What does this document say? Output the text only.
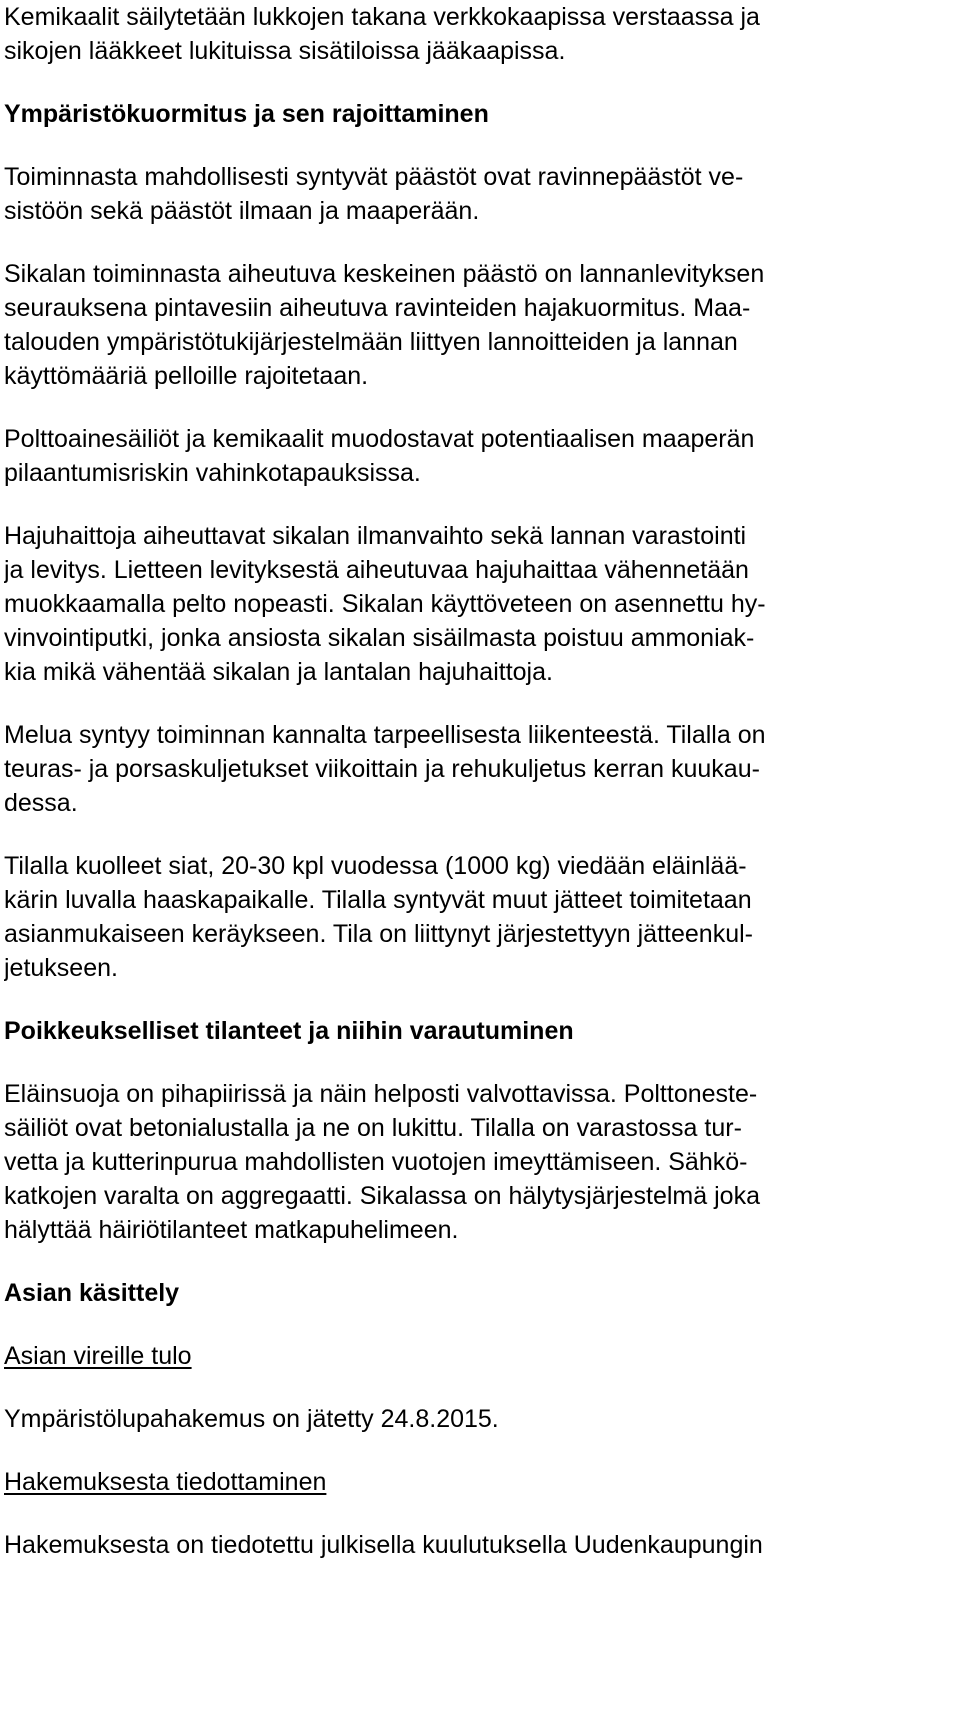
Kemikaalit säilytetään lukkojen takana verkkokaapissa verstaassa ja
sikojen lääkkeet lukituissa sisätiloissa jääkaapissa.
Ympäristökuormitus ja sen rajoittaminen
Toiminnasta mahdollisesti syntyvät päästöt ovat ravinnepäästöt ve-
sistöön sekä päästöt ilmaan ja maaperään.
Sikalan toiminnasta aiheutuva keskeinen päästö on lannanlevityksen
seurauksena pintavesiin aiheutuva ravinteiden hajakuormitus. Maa-
talouden ympäristötukijärjestelmään liittyen lannoitteiden ja lannan
käyttömääriä pelloille rajoitetaan.
Polttoainesäiliöt ja kemikaalit muodostavat potentiaalisen maaperän
pilaantumisriskin vahinkotapauksissa.
Hajuhaittoja aiheuttavat sikalan ilmanvaihto sekä lannan varastointi
ja levitys. Lietteen levityksestä aiheutuvaa hajuhaittaa vähennetään
muokkaamalla pelto nopeasti. Sikalan käyttöveteen on asennettu hy-
vinvointiputki, jonka ansiosta sikalan sisäilmasta poistuu ammoniak-
kia mikä vähentää sikalan ja lantalan hajuhaittoja.
Melua syntyy toiminnan kannalta tarpeellisesta liikenteestä. Tilalla on
teuras- ja porsaskuljetukset viikoittain ja rehukuljetus kerran kuukau-
dessa.
Tilalla kuolleet siat, 20-30 kpl vuodessa (1000 kg) viedään eläinlää-
kärin luvalla haaskapaikalle. Tilalla syntyvät muut jätteet toimitetaan
asianmukaiseen keräykseen. Tila on liittynyt järjestettyyn jätteenkul-
jetukseen.
Poikkeukselliset tilanteet ja niihin varautuminen
Eläinsuoja on pihapiirissä ja näin helposti valvottavissa. Polttoneste-
säiliöt ovat betonialustalla ja ne on lukittu. Tilalla on varastossa tur-
vetta ja kutterinpurua mahdollisten vuotojen imeyttämiseen. Sähkö-
katkojen varalta on aggregaatti. Sikalassa on hälytysjärjestelmä joka
hälyttää häiriötilanteet matkapuhelimeen.
Asian käsittely
Asian vireille tulo
Ympäristölupahakemus on jätetty 24.8.2015.
Hakemuksesta tiedottaminen
Hakemuksesta on tiedotettu julkisella kuulutuksella Uudenkaupungin
